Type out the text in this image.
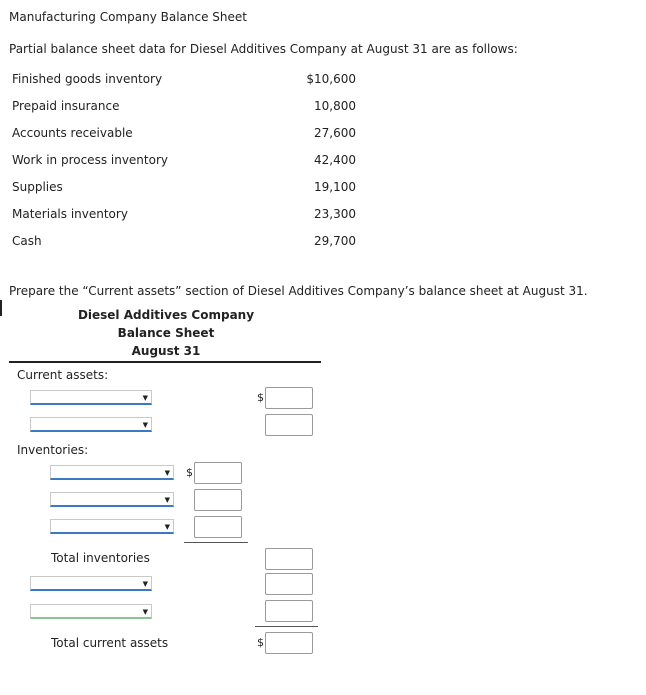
Manufacturing Company Balance Sheet
Partial balance sheet data for Diesel Additives Company at August 31 are as follows:
Finished goods inventory	$10,600
Prepaid insurance	10,800
Accounts receivable	27,600
Work in process inventory	42,400
Supplies	19,100
Materials inventory	23,300
Cash	29,700
Prepare the “Current assets” section of Diesel Additives Company’s balance sheet at August 31.
Diesel Additives Company
Balance Sheet
August 31
Current assets:
▼	$
▼
Inventories:
▼ $
▼
▼
Total inventories
▼
▼
Total current assets	$
